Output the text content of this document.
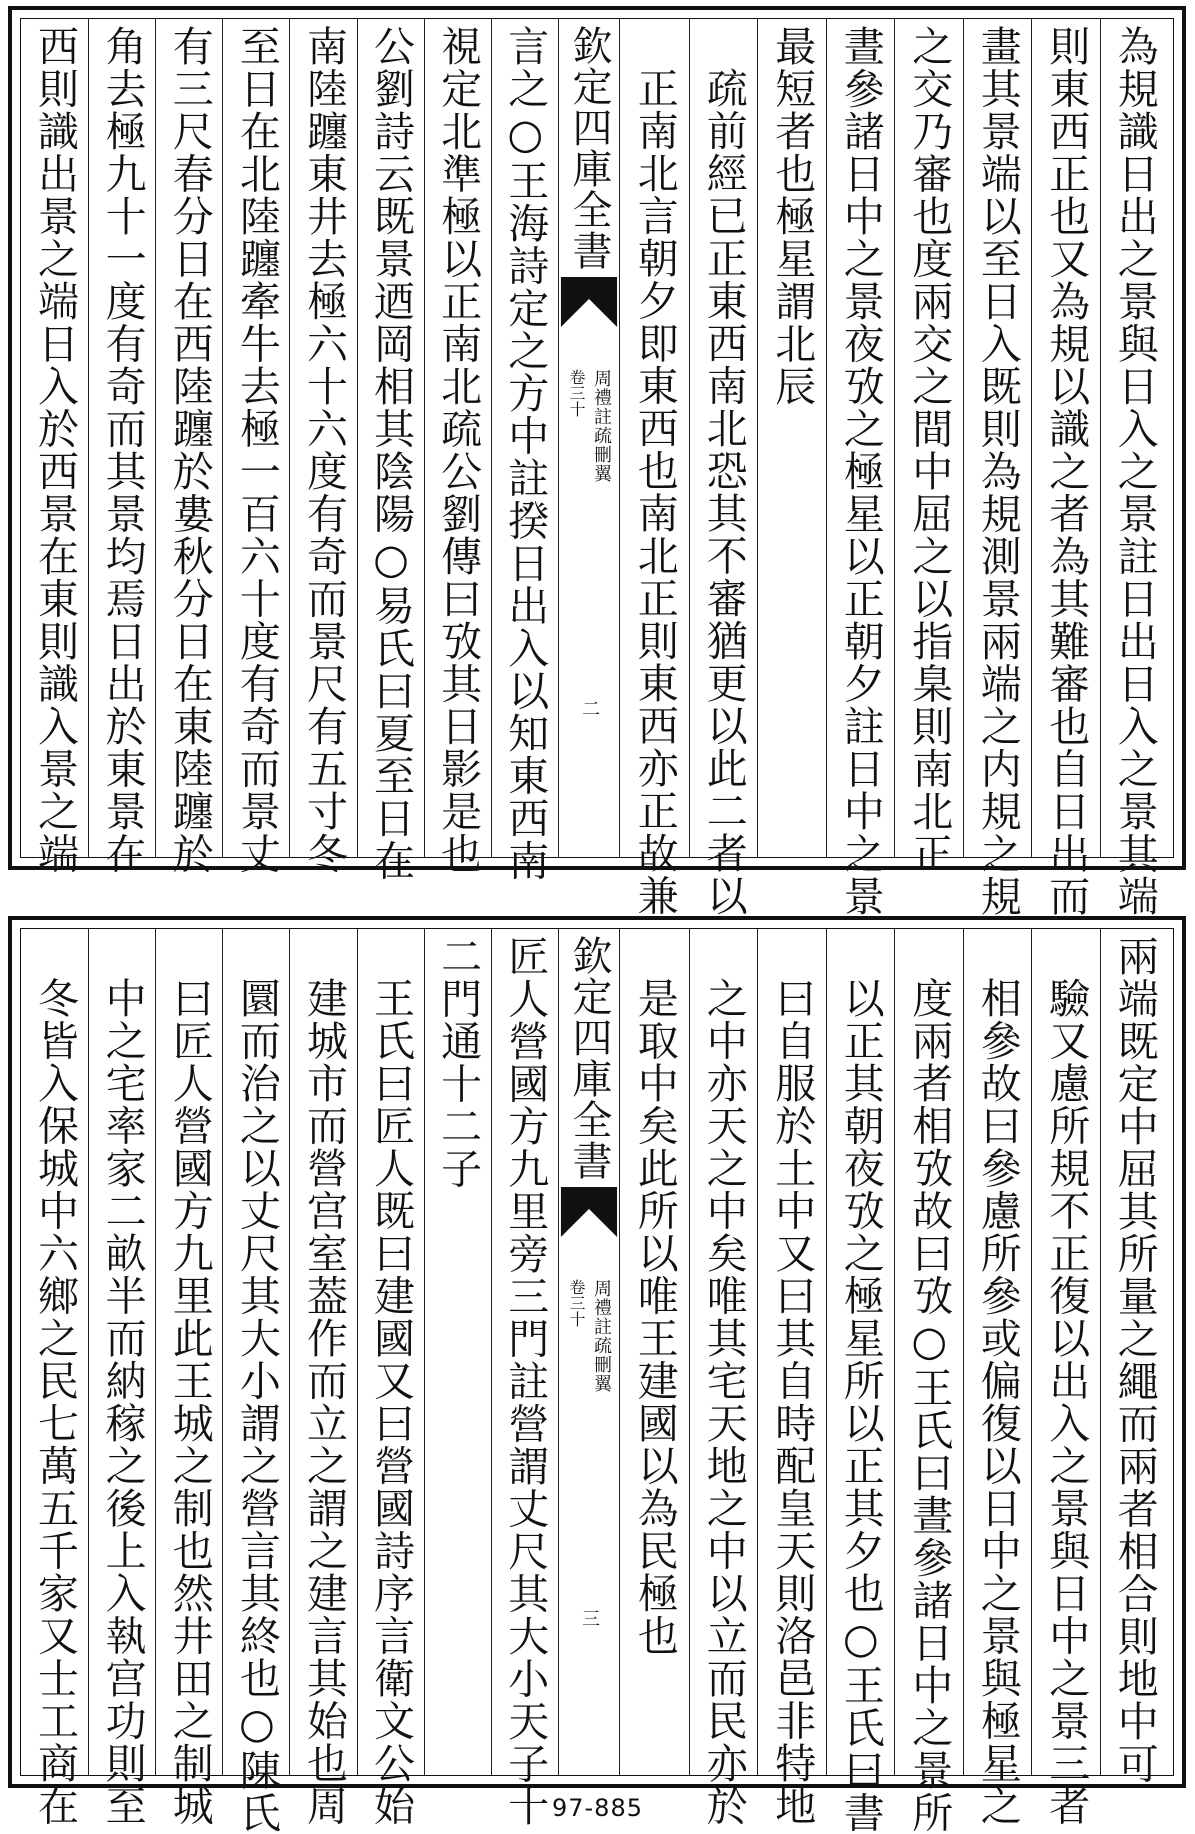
為規識日出之景與日入之景註日出日入之景其端
則東西正也又為規以識之者為其難審也自日出而
畫其景端以至日入既則為規測景兩端之内規之規
之交乃審也度兩交之間中屈之以指臬則南北正
晝參諸日中之景夜攷之極星以正朝夕註日中之景
最短者也極星謂北辰
疏前經已正東西南北恐其不審猶更以此二者以
正南北言朝夕即東西也南北正則東西亦正故兼
欽定四庫全書
周禮註疏刪翼
卷三十
二
言之○王海詩定之方中註揆日出入以知東西南
視定北準極以正南北疏公劉傳曰攷其日影是也
公劉詩云既景迺岡相其陰陽○易氏曰夏至日在
南陸躔東井去極六十六度有奇而景尺有五寸冬
至日在北陸躔牽牛去極一百六十度有奇而景丈
有三尺春分日在西陸躔於婁秋分日在東陸躔於
角去極九十一度有奇而其景均焉日出於東景在
西則識出景之端日入於西景在東則識入景之端
兩端既定中屈其所量之繩而兩者相合則地中可
驗又慮所規不正復以出入之景與日中之景三者
相參故曰參慮所參或偏復以日中之景與極星之
度兩者相攷故曰攷○王氏曰晝參諸日中之景所
以正其朝夜攷之極星所以正其夕也○王氏曰書
曰自服於土中又曰其自時配皇天則洛邑非特地
之中亦天之中矣唯其宅天地之中以立而民亦於
是取中矣此所以唯王建國以為民極也
欽定四庫全書
周禮註疏刪翼
卷三十
三
匠人營國方九里旁三門註營謂丈尺其大小天子十
二門通十二子
王氏曰匠人既曰建國又曰營國詩序言衛文公始
建城市而營宫室葢作而立之謂之建言其始也周
圜而治之以丈尺其大小謂之營言其終也○陳氏
曰匠人營國方九里此王城之制也然井田之制城
中之宅率家二畝半而納稼之後上入執宫功則至
冬皆入保城中六鄉之民七萬五千家又士工商在	97-885
